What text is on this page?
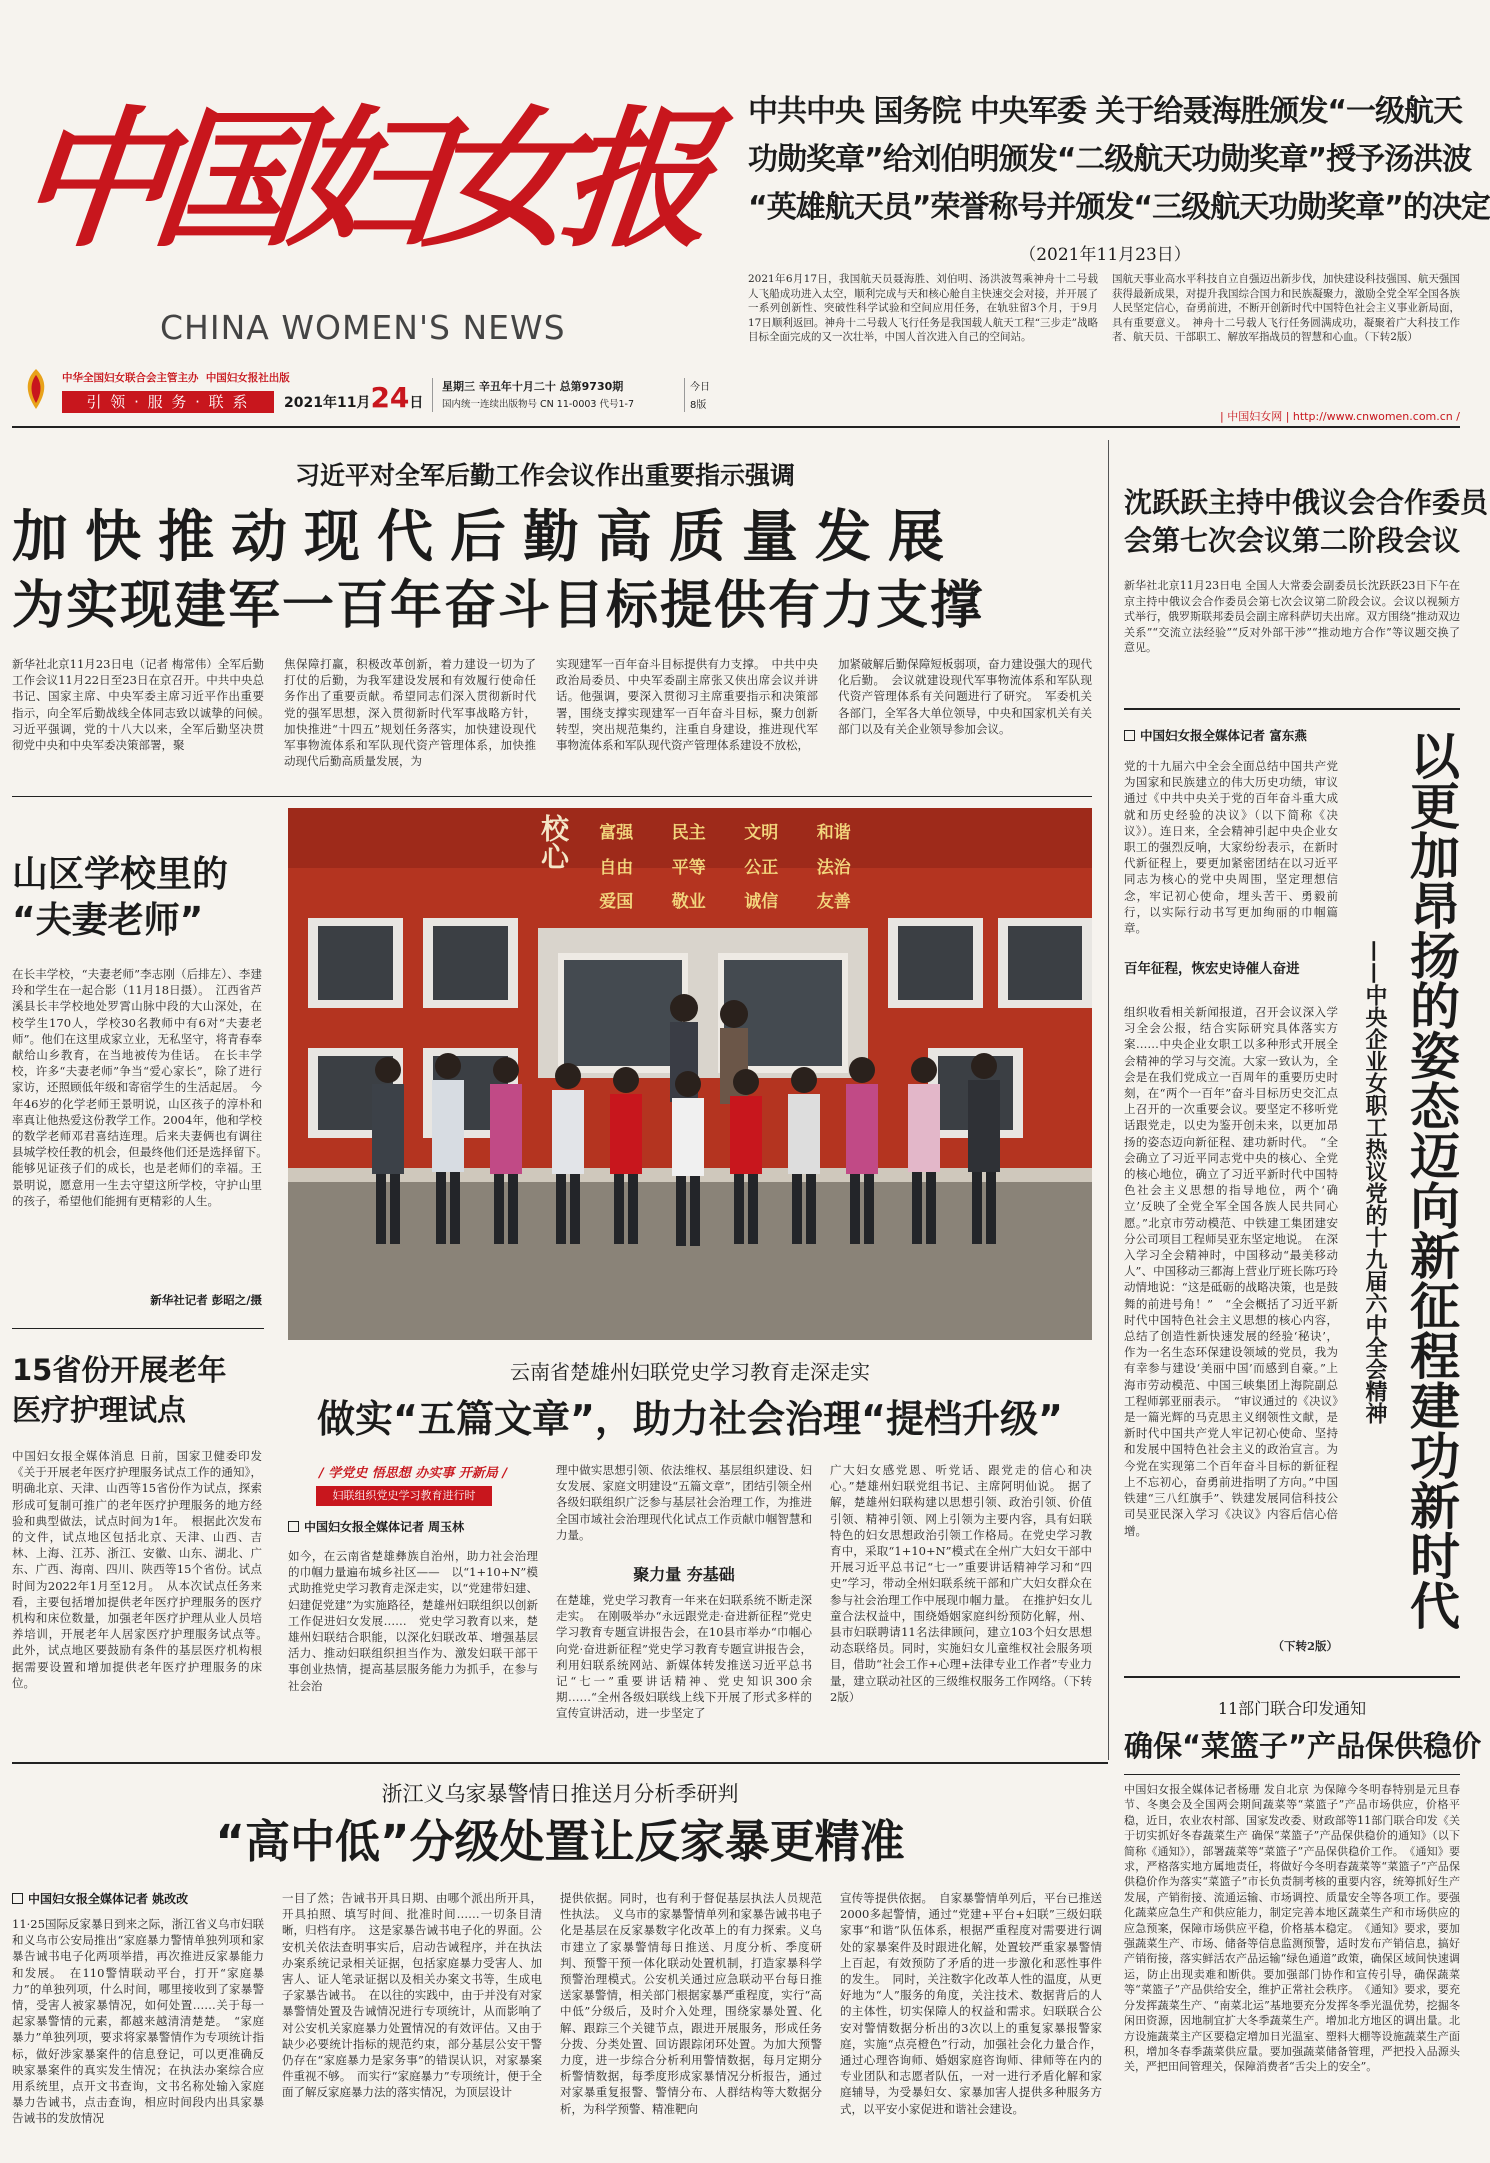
中国妇女报
CHINA WOMEN'S NEWS
中华全国妇女联合会主管主办 中国妇女报社出版
引 领 · 服 务 · 联 系	2021年11月24日
星期三 辛丑年十月二十 总第9730期
国内统一连续出版物号 CN 11-0003 代号1-7
今日
8版
中共中央 国务院 中央军委 关于给聂海胜颁发“一级航天
功勋奖章”给刘伯明颁发“二级航天功勋奖章”授予汤洪波
“英雄航天员”荣誉称号并颁发“三级航天功勋奖章”的决定
（2021年11月23日）
2021年6月17日，我国航天员聂海胜、刘伯明、汤洪波驾乘神舟十二号载人飞船成功进入太空，顺利完成与天和核心舱自主快速交会对接，并开展了一系列创新性、突破性科学试验和空间应用任务，在轨驻留3个月，于9月17日顺利返回。神舟十二号载人飞行任务是我国载人航天工程“三步走”战略目标全面完成的又一次壮举，中国人首次进入自己的空间站。
国航天事业高水平科技自立自强迈出新步伐，加快建设科技强国、航天强国获得最新成果，对提升我国综合国力和民族凝聚力，激励全党全军全国各族人民坚定信心，奋勇前进，不断开创新时代中国特色社会主义事业新局面，具有重要意义。　神舟十二号载人飞行任务圆满成功，凝聚着广大科技工作者、航天员、干部职工、解放军指战员的智慧和心血。（下转2版）
| 中国妇女网 | http://www.cnwomen.com.cn /
习近平对全军后勤工作会议作出重要指示强调
加快推动现代后勤高质量发展
为实现建军一百年奋斗目标提供有力支撑
新华社北京11月23日电（记者 梅常伟）全军后勤工作会议11月22日至23日在京召开。中共中央总书记、国家主席、中央军委主席习近平作出重要指示，向全军后勤战线全体同志致以诚挚的问候。　习近平强调，党的十八大以来，全军后勤坚决贯彻党中央和中央军委决策部署，聚
焦保障打赢，积极改革创新，着力建设一切为了打仗的后勤，为我军建设发展和有效履行使命任务作出了重要贡献。希望同志们深入贯彻新时代党的强军思想，深入贯彻新时代军事战略方针，加快推进“十四五”规划任务落实，加快建设现代军事物流体系和军队现代资产管理体系，加快推动现代后勤高质量发展，为
实现建军一百年奋斗目标提供有力支撑。　中共中央政治局委员、中央军委副主席张又侠出席会议并讲话。他强调，要深入贯彻习主席重要指示和决策部署，围绕支撑实现建军一百年奋斗目标，聚力创新转型，突出规范集约，注重自身建设，推进现代军事物流体系和军队现代资产管理体系建设不放松，
加紧破解后勤保障短板弱项，奋力建设强大的现代化后勤。　会议就建设现代军事物流体系和军队现代资产管理体系有关问题进行了研究。　军委机关各部门，全军各大单位领导，中央和国家机关有关部门以及有关企业领导参加会议。
沈跃跃主持中俄议会合作委员
会第七次会议第二阶段会议
新华社北京11月23日电 全国人大常委会副委员长沈跃跃23日下午在京主持中俄议会合作委员会第七次会议第二阶段会议。会议以视频方式举行，俄罗斯联邦委员会副主席科萨切夫出席。双方围绕“推动双边关系”“交流立法经验”“反对外部干涉”“推动地方合作”等议题交换了意见。
中国妇女报全媒体记者 富东燕
党的十九届六中全会全面总结中国共产党为国家和民族建立的伟大历史功绩，审议通过《中共中央关于党的百年奋斗重大成就和历史经验的决议》（以下简称《决议》）。连日来，全会精神引起中央企业女职工的强烈反响，大家纷纷表示，在新时代新征程上，要更加紧密团结在以习近平同志为核心的党中央周围，坚定理想信念，牢记初心使命，埋头苦干、勇毅前行，以实际行动书写更加绚丽的巾帼篇章。
百年征程，恢宏史诗催人奋进
组织收看相关新闻报道，召开会议深入学习全会公报，结合实际研究具体落实方案……中央企业女职工以多种形式开展全会精神的学习与交流。大家一致认为，全会是在我们党成立一百周年的重要历史时刻，在“两个一百年”奋斗目标历史交汇点上召开的一次重要会议。要坚定不移听党话跟党走，以史为鉴开创未来，以更加昂扬的姿态迈向新征程、建功新时代。　“全会确立了习近平同志党中央的核心、全党的核心地位，确立了习近平新时代中国特色社会主义思想的指导地位，两个‘确立’反映了全党全军全国各族人民共同心愿。”北京市劳动模范、中铁建工集团建安分公司项目工程师吴亚东坚定地说。　在深入学习全会精神时，中国移动“最美移动人”、中国移动三都海上营业厅班长陈巧玲动情地说：“这是砥砺的战略决策，也是鼓舞的前进号角！”　“全会概括了习近平新时代中国特色社会主义思想的核心内容，总结了创造性新快速发展的经验‘秘诀’，作为一名生态环保建设领域的党员，我为有幸参与建设‘美丽中国’而感到自豪。”上海市劳动模范、中国三峡集团上海院副总工程师郭亚丽表示。　“审议通过的《决议》是一篇光辉的马克思主义纲领性文献，是新时代中国共产党人牢记初心使命、坚持和发展中国特色社会主义的政治宣言。为今党在实现第二个百年奋斗目标的新征程上不忘初心，奋勇前进指明了方向。”中国铁建“三八红旗手”、铁建发展同信科技公司吴亚民深入学习《决议》内容后信心倍增。
（下转2版）
以更加昂扬的姿态迈向新征程建功新时代
——中央企业女职工热议党的十九届六中全会精神
11部门联合印发通知
确保“菜篮子”产品保供稳价
中国妇女报全媒体记者杨珊 发自北京 为保障今冬明春特别是元旦春节、冬奥会及全国两会期间蔬菜等“菜篮子”产品市场供应，价格平稳，近日，农业农村部、国家发改委、财政部等11部门联合印发《关于切实抓好冬春蔬菜生产 确保“菜篮子”产品保供稳价的通知》（以下简称《通知》），部署蔬菜等“菜篮子”产品保供稳价工作。　《通知》要求，严格落实地方属地责任，将做好今冬明春蔬菜等“菜篮子”产品保供稳价作为落实“菜篮子”市长负责制考核的重要内容，统筹抓好生产发展，产销衔接、流通运输、市场调控、质量安全等各项工作。要强化蔬菜应急生产和供应能力，制定完善本地区蔬菜生产和市场供应的应急预案，保障市场供应平稳，价格基本稳定。　《通知》要求，要加强蔬菜生产、市场、储备等信息监测预警，适时发布产销信息，搞好产销衔接，落实鲜活农产品运输“绿色通道”政策，确保区域间快速调运，防止出现卖难和断供。要加强部门协作和宣传引导，确保蔬菜等“菜篮子”产品供给安全，维护正常社会秩序。　《通知》要求，要充分发挥蔬菜生产、“南菜北运”基地要充分发挥冬季光温优势，挖掘冬闲田资源，因地制宜扩大冬季蔬菜生产。增加北方地区的调出量。北方设施蔬菜主产区要稳定增加日光温室、塑料大棚等设施蔬菜生产面积，增加冬春季蔬菜供应量。要加强蔬菜储备管理，严把投入品源头关，严把田间管理关，保障消费者“舌尖上的安全”。
山区学校里的
“夫妻老师”
在长丰学校，“夫妻老师”李志刚（后排左）、李建玲和学生在一起合影（11月18日摄）。　江西省芦溪县长丰学校地处罗霄山脉中段的大山深处，在校学生170人，学校30名教师中有6对“夫妻老师”。他们在这里成家立业，无私坚守，将青春奉献给山乡教育，在当地被传为佳话。　在长丰学校，许多“夫妻老师”争当“爱心家长”，除了进行家访，还照顾低年级和寄宿学生的生活起居。　今年46岁的化学老师王景明说，山区孩子的淳朴和率真让他热爱这份教学工作。2004年，他和学校的数学老师邓君喜结连理。后来夫妻俩也有调往县城学校任教的机会，但最终他们还是选择留下。　能够见证孩子们的成长，也是老师们的幸福。王景明说，愿意用一生去守望这所学校，守护山里的孩子，希望他们能拥有更精彩的人生。
新华社记者 彭昭之/摄
校心	富强	民主	文明	和谐
自由	平等	公正	法治
爱国	敬业	诚信	友善
15省份开展老年
医疗护理试点
中国妇女报全媒体消息 日前，国家卫健委印发《关于开展老年医疗护理服务试点工作的通知》，明确北京、天津、山西等15省份作为试点，探索形成可复制可推广的老年医疗护理服务的地方经验和典型做法，试点时间为1年。　根据此次发布的文件，试点地区包括北京、天津、山西、吉林、上海、江苏、浙江、安徽、山东、湖北、广东、广西、海南、四川、陕西等15个省份。试点时间为2022年1月至12月。　从本次试点任务来看，主要包括增加提供老年医疗护理服务的医疗机构和床位数量，加强老年医疗护理从业人员培养培训，开展老年人居家医疗护理服务试点等。　此外，试点地区要鼓励有条件的基层医疗机构根据需要设置和增加提供老年医疗护理服务的床位。
云南省楚雄州妇联党史学习教育走深走实
做实“五篇文章”，助力社会治理“提档升级”
/ 学党史 悟思想 办实事 开新局 /
妇联组织党史学习教育进行时
中国妇女报全媒体记者 周玉林
如今，在云南省楚雄彝族自治州，助力社会治理的巾帼力量遍布城乡社区——　以“1+10+N”模式助推党史学习教育走深走实，以“党建带妇建、妇建促党建”为实施路径，楚雄州妇联组织以创新工作促进妇女发展……　党史学习教育以来，楚雄州妇联结合职能，以深化妇联改革、增强基层活力、推动妇联组织担当作为、激发妇联干部干事创业热情，提高基层服务能力为抓手，在参与社会治
理中做实思想引领、依法维权、基层组织建设、妇女发展、家庭文明建设“五篇文章”，团结引领全州各级妇联组织广泛参与基层社会治理工作，为推进全国市域社会治理现代化试点工作贡献巾帼智慧和力量。
聚力量 夯基础
在楚雄，党史学习教育一年来在妇联系统不断走深走实。　在刚吸举办“永远跟党走·奋进新征程”党史学习教育专题宣讲报告会，在10县市举办“巾帼心向党·奋进新征程”党史学习教育专题宣讲报告会，利用妇联系统网站、新媒体转发推送习近平总书记“七一”重要讲话精神、党史知识300余期……“全州各级妇联线上线下开展了形式多样的宣传宣讲活动，进一步坚定了
广大妇女感党恩、听党话、跟党走的信心和决心。”楚雄州妇联党组书记、主席阿明仙说。　据了解，楚雄州妇联构建以思想引领、政治引领、价值引领、精神引领、网上引领为主要内容，具有妇联特色的妇女思想政治引领工作格局。在党史学习教育中，采取“1+10+N”模式在全州广大妇女干部中开展习近平总书记“七一”重要讲话精神学习和“四史”学习，带动全州妇联系统干部和广大妇女群众在参与社会治理工作中展现巾帼力量。　在推护妇女儿童合法权益中，围绕婚姻家庭纠纷预防化解，州、县市妇联聘请11名法律顾问，建立103个妇女思想动态联络员。同时，实施妇女儿童维权社会服务项目，借助“社会工作+心理+法律专业工作者”专业力量，建立联动社区的三级维权服务工作网络。（下转2版）
浙江义乌家暴警情日推送月分析季研判
“高中低”分级处置让反家暴更精准
中国妇女报全媒体记者 姚改改
11·25国际反家暴日到来之际，浙江省义乌市妇联和义乌市公安局推出“家庭暴力警情单独列项和家暴告诫书电子化两项举措，再次推进反家暴能力和发展。　在110警情联动平台，打开“家庭暴力”的单独列项，什么时间，哪里接收到了家暴警情，受害人被家暴情况，如何处置……关于每一起家暴警情的元素，都越来越清清楚楚。　“家庭暴力”单独列项，要求将家暴警情作为专项统计指标，做好涉家暴案件的信息登记，可以更准确反映家暴案件的真实发生情况；在执法办案综合应用系统里，点开文书查询，文书名称处输入家庭暴力告诫书，点击查询，相应时间段内出具家暴告诫书的发放情况
一目了然；告诫书开具日期、由哪个派出所开具，开具拍照、填写时间、批准时间……一切条目清晰，归档有序。　这是家暴告诫书电子化的界面。公安机关依法查明事实后，启动告诫程序，并在执法办案系统记录相关证据，包括家庭暴力受害人、加害人、证人笔录证据以及相关办案文书等，生成电子家暴告诫书。　在以往的实践中，由于并没有对家暴警情处置及告诫情况进行专项统计，从而影响了对公安机关家庭暴力处置情况的有效评估。又由于缺少必要统计指标的规范约束，部分基层公安干警仍存在“家庭暴力是家务事”的错误认识，对家暴案件重视不够。　而实行“家庭暴力”专项统计，便于全面了解反家庭暴力法的落实情况，为顶层设计
提供依据。同时，也有利于督促基层执法人员规范性执法。　义乌市的家暴警情单列和家暴告诫书电子化是基层在反家暴数字化改革上的有力探索。义乌市建立了家暴警情每日推送、月度分析、季度研判、预警干预一体化联动处置机制，打造家暴科学预警治理模式。公安机关通过应急联动平台每日推送家暴警情，相关部门根据家暴严重程度，实行“高中低”分级后，及时介入处理，围绕家暴处置、化解、跟踪三个关键节点，跟进开展服务，形成任务分拨、分类处置、回访跟踪闭环处置。为加大预警力度，进一步综合分析利用警情数据，每月定期分析警情数据，每季度形成家暴情况分析报告，通过对家暴重复报警、警情分布、人群结构等大数据分析，为科学预警、精准靶向
宣传等提供依据。　自家暴警情单列后，平台已推送2000多起警情，通过“党建+平台+妇联”三级妇联家事“和谐”队伍体系，根据严重程度对需要进行调处的家暴案件及时跟进化解，处置较严重家暴警情上百起，有效预防了矛盾的进一步激化和恶性事件的发生。　同时，关注数字化改革人性的温度，从更好地为“人”服务的角度，关注技术、数据背后的人的主体性，切实保障人的权益和需求。妇联联合公安对警情数据分析出的3次以上的重复家暴报警家庭，实施“点亮橙色”行动，加强社会化力量合作，通过心理咨询师、婚姻家庭咨询师、律师等在内的专业团队和志愿者队伍，一对一进行矛盾化解和家庭辅导，为受暴妇女、家暴加害人提供多种服务方式，以平安小家促进和谐社会建设。
